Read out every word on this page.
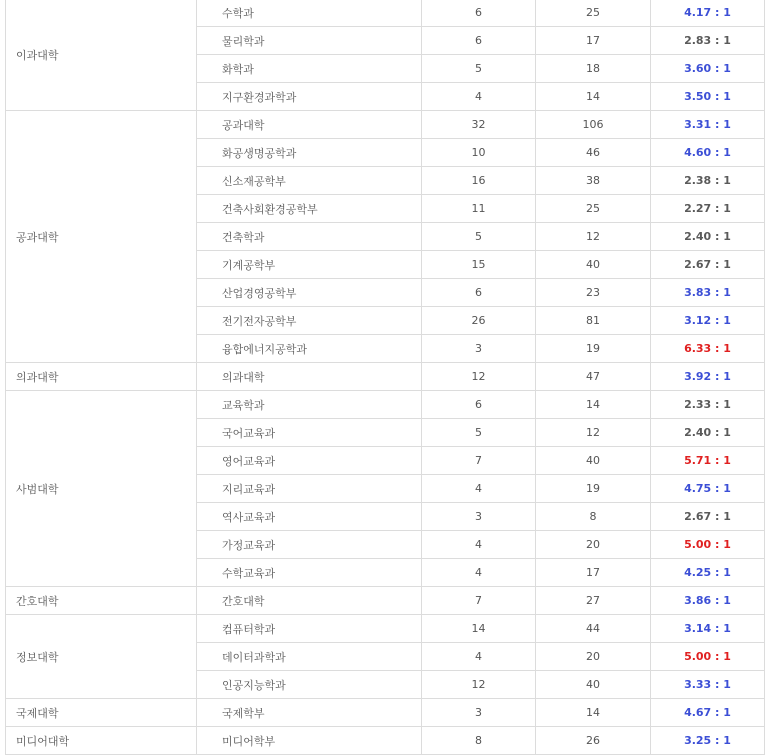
이과대학	수학과	6	25	4.17 : 1
	물리학과	6	17	2.83 : 1
	화학과	5	18	3.60 : 1
	지구환경과학과	4	14	3.50 : 1
공과대학	공과대학	32	106	3.31 : 1
	화공생명공학과	10	46	4.60 : 1
	신소재공학부	16	38	2.38 : 1
	건축사회환경공학부	11	25	2.27 : 1
	건축학과	5	12	2.40 : 1
	기계공학부	15	40	2.67 : 1
	산업경영공학부	6	23	3.83 : 1
	전기전자공학부	26	81	3.12 : 1
	융합에너지공학과	3	19	6.33 : 1
의과대학	의과대학	12	47	3.92 : 1
사범대학	교육학과	6	14	2.33 : 1
	국어교육과	5	12	2.40 : 1
	영어교육과	7	40	5.71 : 1
	지리교육과	4	19	4.75 : 1
	역사교육과	3	8	2.67 : 1
	가정교육과	4	20	5.00 : 1
	수학교육과	4	17	4.25 : 1
간호대학	간호대학	7	27	3.86 : 1
정보대학	컴퓨터학과	14	44	3.14 : 1
	데이터과학과	4	20	5.00 : 1
	인공지능학과	12	40	3.33 : 1
국제대학	국제학부	3	14	4.67 : 1
미디어대학	미디어학부	8	26	3.25 : 1
